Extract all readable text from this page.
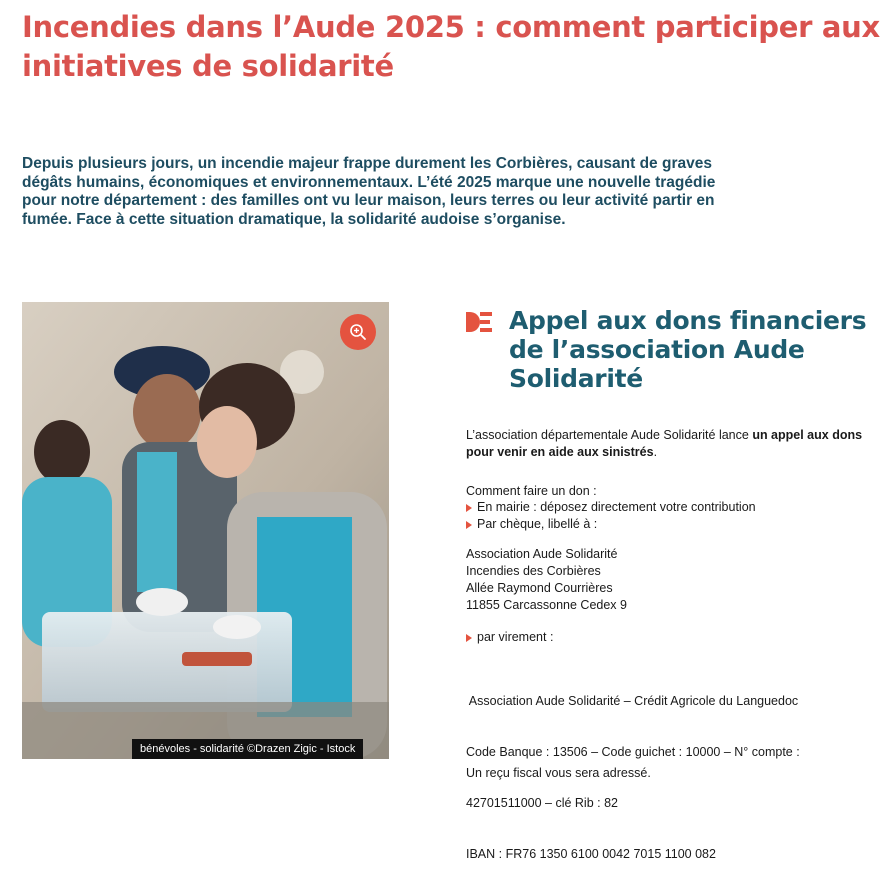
Incendies dans l’Aude 2025 : comment participer aux initiatives de solidarité

Depuis plusieurs jours, un incendie majeur frappe durement les Corbières, causant de graves dégâts humains, économiques et environnementaux. L’été 2025 marque une nouvelle tragédie pour notre département : des familles ont vu leur maison, leurs terres ou leur activité partir en fumée. Face à cette situation dramatique, la solidarité audoise s’organise.

bénévoles - solidarité ©Drazen Zigic - Istock
Appel aux dons financiers de l’association Aude Solidarité

L’association départementale Aude Solidarité lance un appel aux dons pour venir en aide aux sinistrés.

Comment faire un don :

En mairie : déposez directement votre contribution
Par chèque, libellé à :

Association Aude Solidarité

Incendies des Corbières

Allée Raymond Courrières

11855 Carcassonne Cedex 9

par virement :

Association Aude Solidarité – Crédit Agricole du Languedoc

Code Banque : 13506 – Code guichet : 10000 – N° compte :

42701511000 – clé Rib : 82

IBAN : FR76 1350 6100 0042 7015 1100 082

Un reçu fiscal vous sera adressé.
